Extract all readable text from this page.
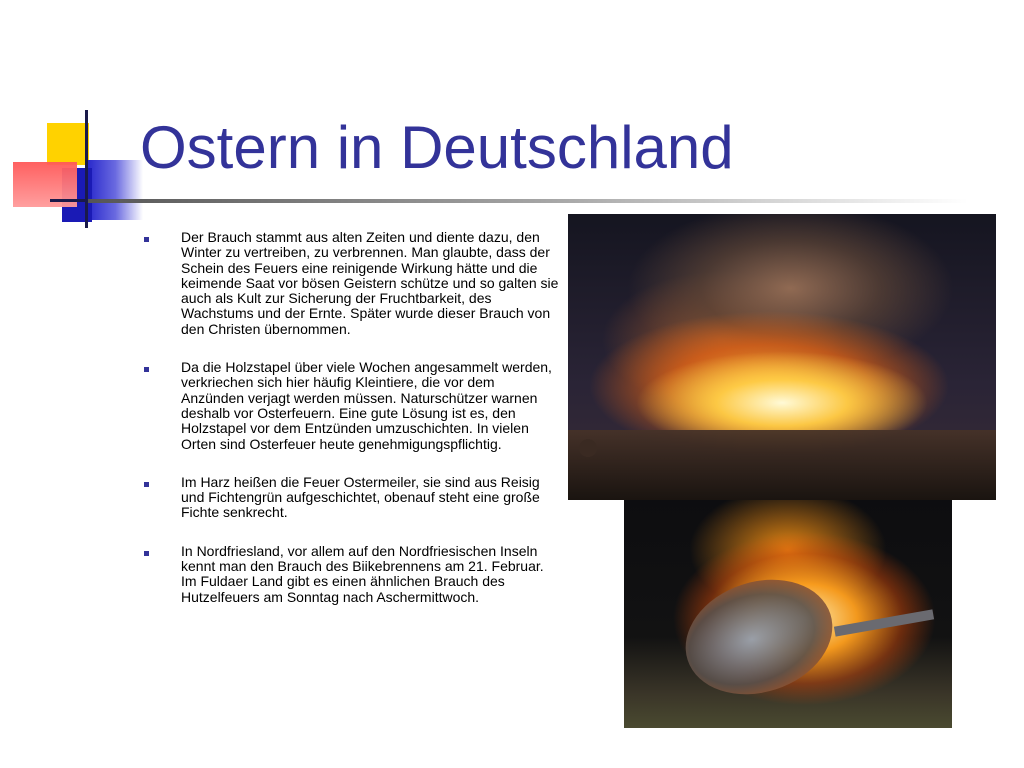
Ostern in Deutschland
Der Brauch stammt aus alten Zeiten und diente dazu, den Winter zu vertreiben, zu verbrennen. Man glaubte, dass der Schein des Feuers eine reinigende Wirkung hätte und die keimende Saat vor bösen Geistern schütze und so galten sie auch als Kult zur Sicherung der Fruchtbarkeit, des Wachstums und der Ernte. Später wurde dieser Brauch von den Christen übernommen.
Da die Holzstapel über viele Wochen angesammelt werden, verkriechen sich hier häufig Kleintiere, die vor dem Anzünden verjagt werden müssen. Naturschützer warnen deshalb vor Osterfeuern. Eine gute Lösung ist es, den Holzstapel vor dem Entzünden umzuschichten. In vielen Orten sind Osterfeuer heute genehmigungspflichtig.
Im Harz heißen die Feuer Ostermeiler, sie sind aus Reisig und Fichtengrün aufgeschichtet, obenauf steht eine große Fichte senkrecht.
In Nordfriesland, vor allem auf den Nordfriesischen Inseln kennt man den Brauch des Biikebrennens am 21. Februar. Im Fuldaer Land gibt es einen ähnlichen Brauch des Hutzelfeuers am Sonntag nach Aschermittwoch.
